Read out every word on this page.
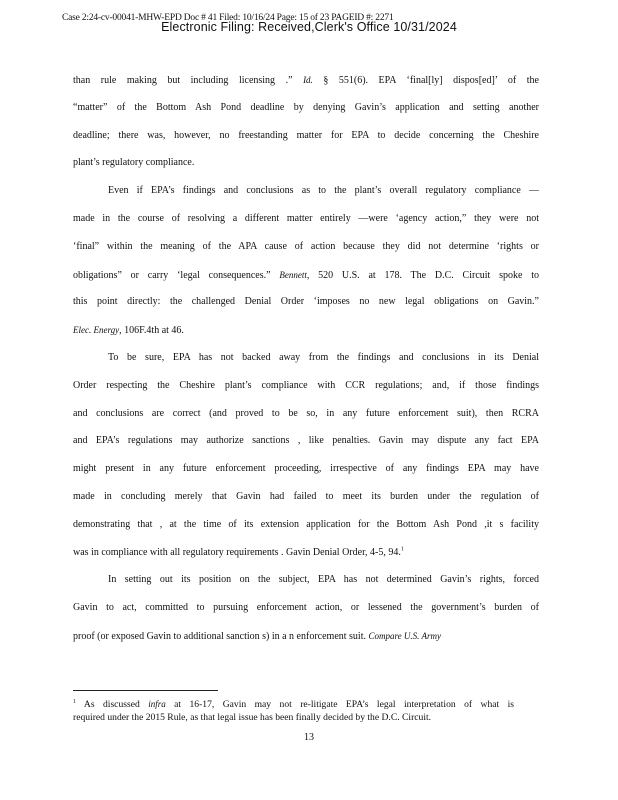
Case 2:24-cv-00041-MHW-EPD Doc # 41 Filed: 10/16/24 Page: 15 of 23 PAGEID #: 2271
Electronic Filing: Received,Clerk's Office 10/31/2024
than rule making but including licensing .” Id. § 551(6). EPA ‘final[ly] dispos[ed]’ of the
“matter” of the Bottom Ash Pond deadline by denying Gavin’s application and setting another
deadline; there was, however, no freestanding matter for EPA to decide concerning the Cheshire
plant’s regulatory compliance.
Even if EPA’s findings and conclusions as to the plant’s overall regulatory compliance —
made in the course of resolving a different matter entirely —were ‘agency action,” they were not
‘final” within the meaning of the APA cause of action because they did not determine ‘rights or
obligations” or carry ‘legal consequences.” Bennett, 520 U.S. at 178. The D.C. Circuit spoke to
this point directly: the challenged Denial Order ‘imposes no new legal obligations on Gavin.”
Elec. Energy, 106F.4th at 46.
To be sure, EPA has not backed away from the findings and conclusions in its Denial
Order respecting the Cheshire plant’s compliance with CCR regulations; and, if those findings
and conclusions are correct (and proved to be so, in any future enforcement suit), then RCRA
and EPA’s regulations may authorize sanctions , like penalties. Gavin may dispute any fact EPA
might present in any future enforcement proceeding, irrespective of any findings EPA may have
made in concluding merely that Gavin had failed to meet its burden under the regulation of
demonstrating that , at the time of its extension application for the Bottom Ash Pond ,it s facility
was in compliance with all regulatory requirements . Gavin Denial Order, 4-5, 94.$^1$
In setting out its position on the subject, EPA has not determined Gavin’s rights, forced
Gavin to act, committed to pursuing enforcement action, or lessened the government’s burden of
proof (or exposed Gavin to additional sanction s) in a n enforcement suit. Compare U.S. Army
$^1$ As discussed infra at 16-17, Gavin may not re-litigate EPA’s legal interpretation of what is
required under the 2015 Rule, as that legal issue has been finally decided by the D.C. Circuit.
13
